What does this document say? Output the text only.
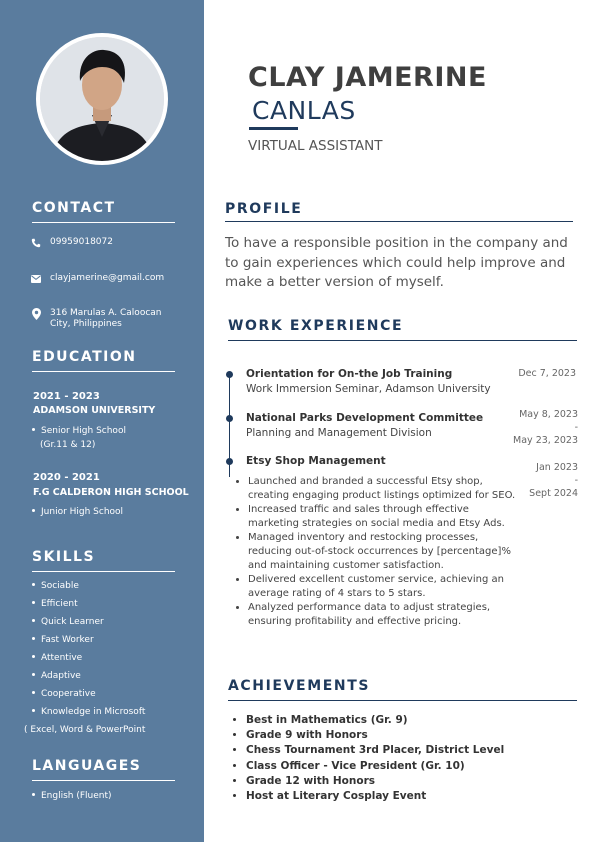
CONTACT
09959018072
clayjamerine@gmail.com
316 Marulas A. Caloocan
City, Philippines
EDUCATION
2021 - 2023
ADAMSON UNIVERSITY
Senior High School
(Gr.11 & 12)
2020 - 2021
F.G CALDERON HIGH SCHOOL
Junior High School
SKILLS
Sociable
Efficient
Quick Learner
Fast Worker
Attentive
Adaptive
Cooperative
Knowledge in Microsoft
( Excel, Word & PowerPoint
LANGUAGES
English (Fluent)
CLAY JAMERINE
CANLAS
VIRTUAL ASSISTANT
PROFILE
To have a responsible position in the company and to gain experiences which could help improve and make a better version of myself.
WORK EXPERIENCE
Orientation for On-the Job Training
Work Immersion Seminar, Adamson University
Dec 7, 2023
National Parks Development Committee
Planning and Management Division
May 8, 2023
-
May 23, 2023
Etsy Shop Management
Jan 2023
-
Sept 2024
• Launched and branded a successful Etsy shop, creating engaging product listings optimized for SEO.
• Increased traffic and sales through effective marketing strategies on social media and Etsy Ads.
• Managed inventory and restocking processes, reducing out-of-stock occurrences by [percentage]% and maintaining customer satisfaction.
• Delivered excellent customer service, achieving an average rating of 4 stars to 5 stars.
• Analyzed performance data to adjust strategies, ensuring profitability and effective pricing.
ACHIEVEMENTS
• Best in Mathematics (Gr. 9)
• Grade 9 with Honors
• Chess Tournament 3rd Placer, District Level
• Class Officer - Vice President (Gr. 10)
• Grade 12 with Honors
• Host at Literary Cosplay Event
